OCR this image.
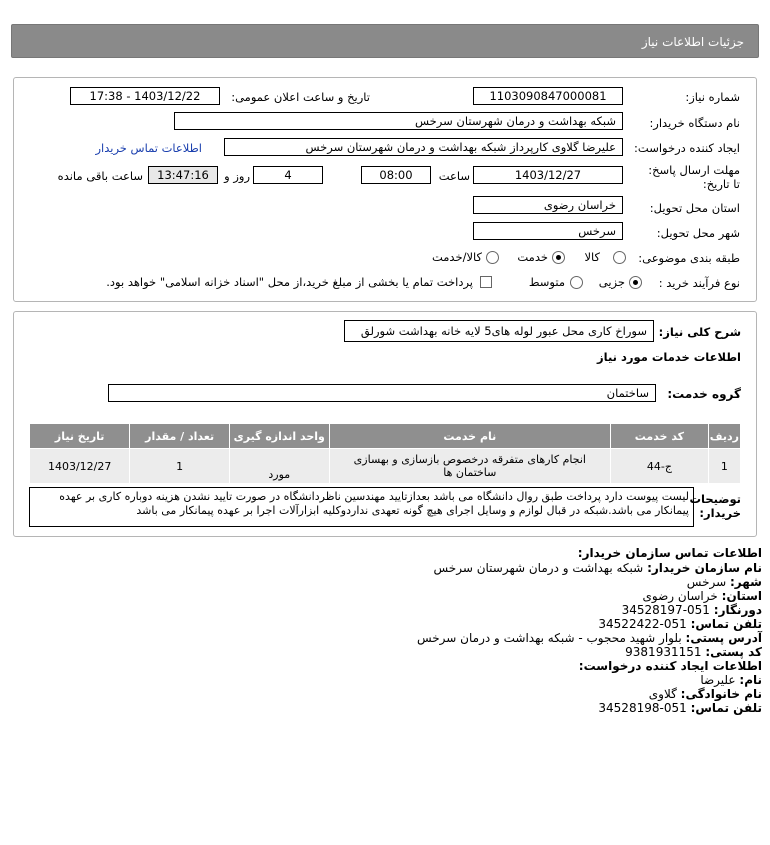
جزئیات اطلاعات نیاز
شماره نیاز:
1103090847000081
تاریخ و ساعت اعلان عمومی:
1403/12/22 - 17:38
نام دستگاه خریدار:
شبکه بهداشت و درمان شهرستان سرخس
ایجاد کننده درخواست:
علیرضا گلاوی کارپرداز شبکه بهداشت و درمان شهرستان سرخس
اطلاعات تماس خریدار
مهلت ارسال پاسخ: تا تاریخ:
1403/12/27
ساعت
08:00
4
روز و
13:47:16
ساعت باقی مانده
استان محل تحویل:
خراسان رضوی
شهر محل تحویل:
سرخس
طبقه بندی موضوعی:
کالا
خدمت
کالا/خدمت
نوع فرآیند خرید :
جزیی
متوسط
پرداخت تمام یا بخشی از مبلغ خرید،از محل "اسناد خزانه اسلامی" خواهد بود.
شرح کلی نیاز:
سوراخ کاری محل عبور لوله های5 لایه خانه بهداشت شورلق
اطلاعات خدمات مورد نیاز
گروه خدمت:
ساختمان
ردیف	کد خدمت	نام خدمت	واحد اندازه گیری	تعداد / مقدار	تاریخ نیاز
1	ج-44	انجام کارهای متفرقه درخصوص بازسازی و بهسازی ساختمان ها	مورد	1	1403/12/27
توضیحات خریدار:
لیست پیوست دارد پرداخت طبق روال دانشگاه می باشد بعدازتایید مهندسین ناظردانشگاه در صورت تایید نشدن هزینه دوباره کاری بر عهده پیمانکار می باشد.شبکه در قبال لوازم و وسایل اجرای هیچ گونه تعهدی نداردوکلیه ابزارآلات اجرا بر عهده پیمانکار می باشد
اطلاعات تماس سازمان خریدار:
نام سازمان خریدار: شبکه بهداشت و درمان شهرستان سرخس
شهر: سرخس
استان: خراسان رضوی
دورنگار: 051-34528197
تلفن تماس: 051-34522422
آدرس پستی: بلوار شهید محجوب - شبکه بهداشت و درمان سرخس
کد پستی: 9381931151
اطلاعات ایجاد کننده درخواست:
نام: علیرضا
نام خانوادگی: گلاوی
تلفن تماس: 051-34528198
